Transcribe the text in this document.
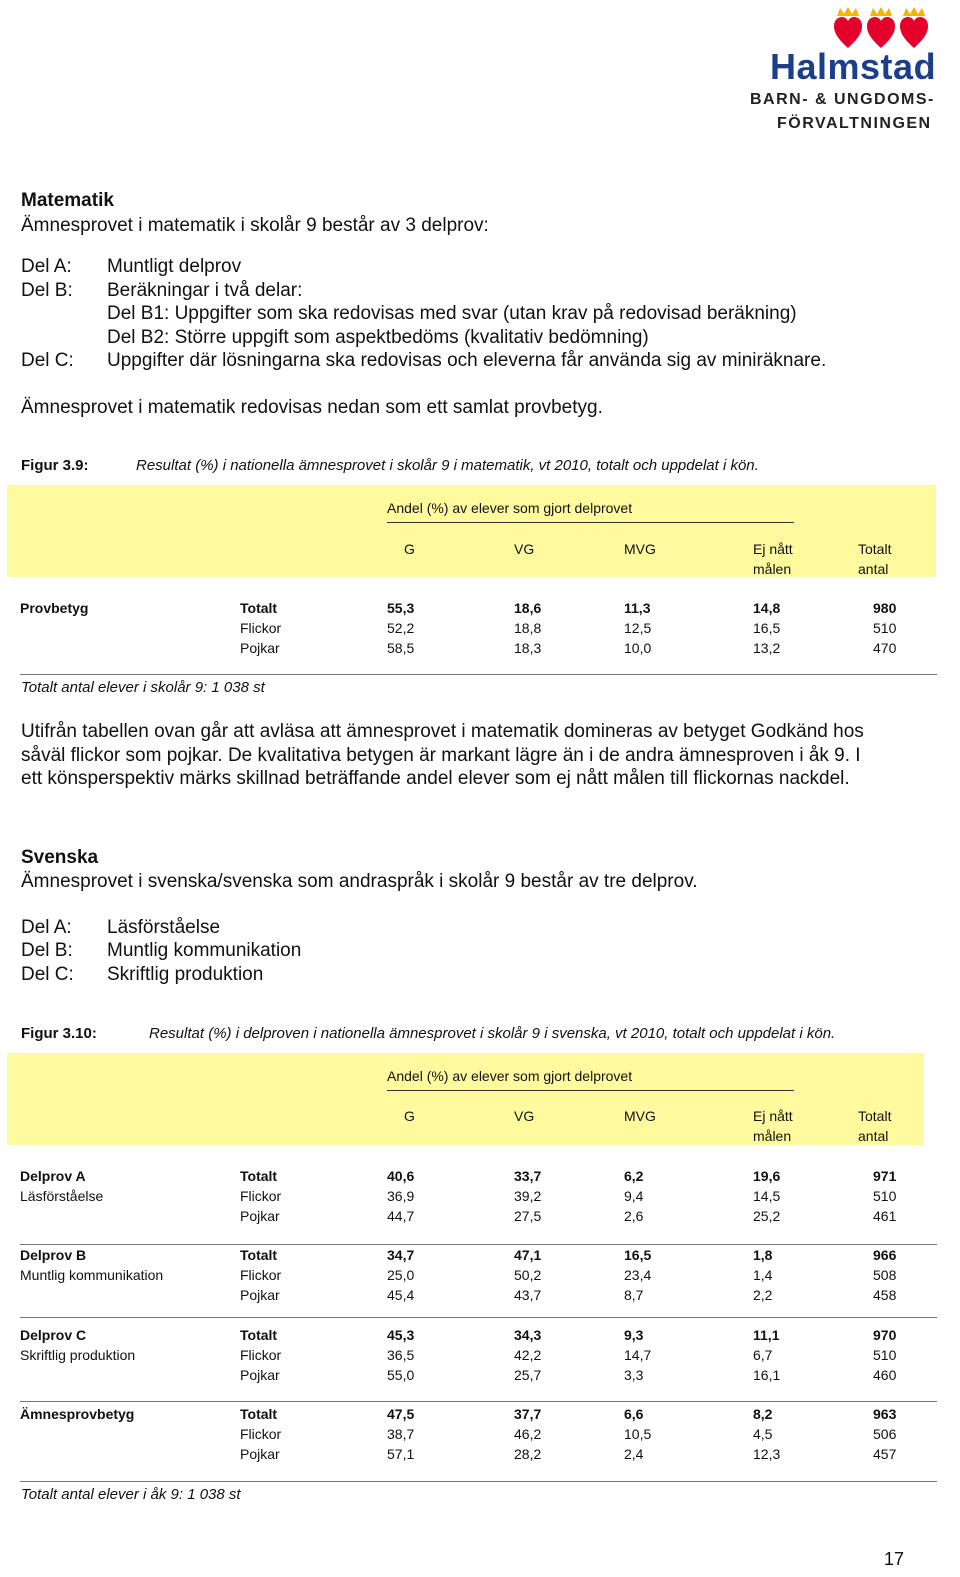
Halmstad
BARN- & UNGDOMS-
FÖRVALTNINGEN
Matematik
Ämnesprovet i matematik i skolår 9 består av 3 delprov:
Del A: Muntligt delprov
Del B: Beräkningar i två delar:
Del B1: Uppgifter som ska redovisas med svar (utan krav på redovisad beräkning)
Del B2: Större uppgift som aspektbedöms (kvalitativ bedömning)
Del C: Uppgifter där lösningarna ska redovisas och eleverna får använda sig av miniräknare.
Ämnesprovet i matematik redovisas nedan som ett samlat provbetyg.
Figur 3.9:	Resultat (%) i nationella ämnesprovet i skolår 9 i matematik, vt 2010, totalt och uppdelat i kön.
Andel (%) av elever som gjort delprovet
G	VG	MVG	Ej nått
målen
Totalt
antal
Provbetyg	Totalt	55,3	18,6	11,3	14,8	980
Flickor	52,2	18,8	12,5	16,5	510
Pojkar	58,5	18,3	10,0	13,2	470
Totalt antal elever i skolår 9: 1 038 st
Utifrån tabellen ovan går att avläsa att ämnesprovet i matematik domineras av betyget Godkänd hos
såväl flickor som pojkar. De kvalitativa betygen är markant lägre än i de andra ämnesproven i åk 9. I
ett könsperspektiv märks skillnad beträffande andel elever som ej nått målen till flickornas nackdel.
Svenska
Ämnesprovet i svenska/svenska som andraspråk i skolår 9 består av tre delprov.
Del A: Läsförståelse
Del B: Muntlig kommunikation
Del C: Skriftlig produktion
Figur 3.10:	Resultat (%) i delproven i nationella ämnesprovet i skolår 9 i svenska, vt 2010, totalt och uppdelat i kön.
Andel (%) av elever som gjort delprovet
G	VG	MVG	Ej nått
målen
Totalt
antal
Delprov A
Läsförståelse
Totalt	40,6	33,7	6,2	19,6	971
Flickor	36,9	39,2	9,4	14,5	510
Pojkar	44,7	27,5	2,6	25,2	461
Delprov B
Muntlig kommunikation
Totalt	34,7	47,1	16,5	1,8	966
Flickor	25,0	50,2	23,4	1,4	508
Pojkar	45,4	43,7	8,7	2,2	458
Delprov C
Skriftlig produktion
Totalt	45,3	34,3	9,3	11,1	970
Flickor	36,5	42,2	14,7	6,7	510
Pojkar	55,0	25,7	3,3	16,1	460
Ämnesprovbetyg	Totalt	47,5	37,7	6,6	8,2	963
Flickor	38,7	46,2	10,5	4,5	506
Pojkar	57,1	28,2	2,4	12,3	457
Totalt antal elever i åk 9: 1 038 st
17
